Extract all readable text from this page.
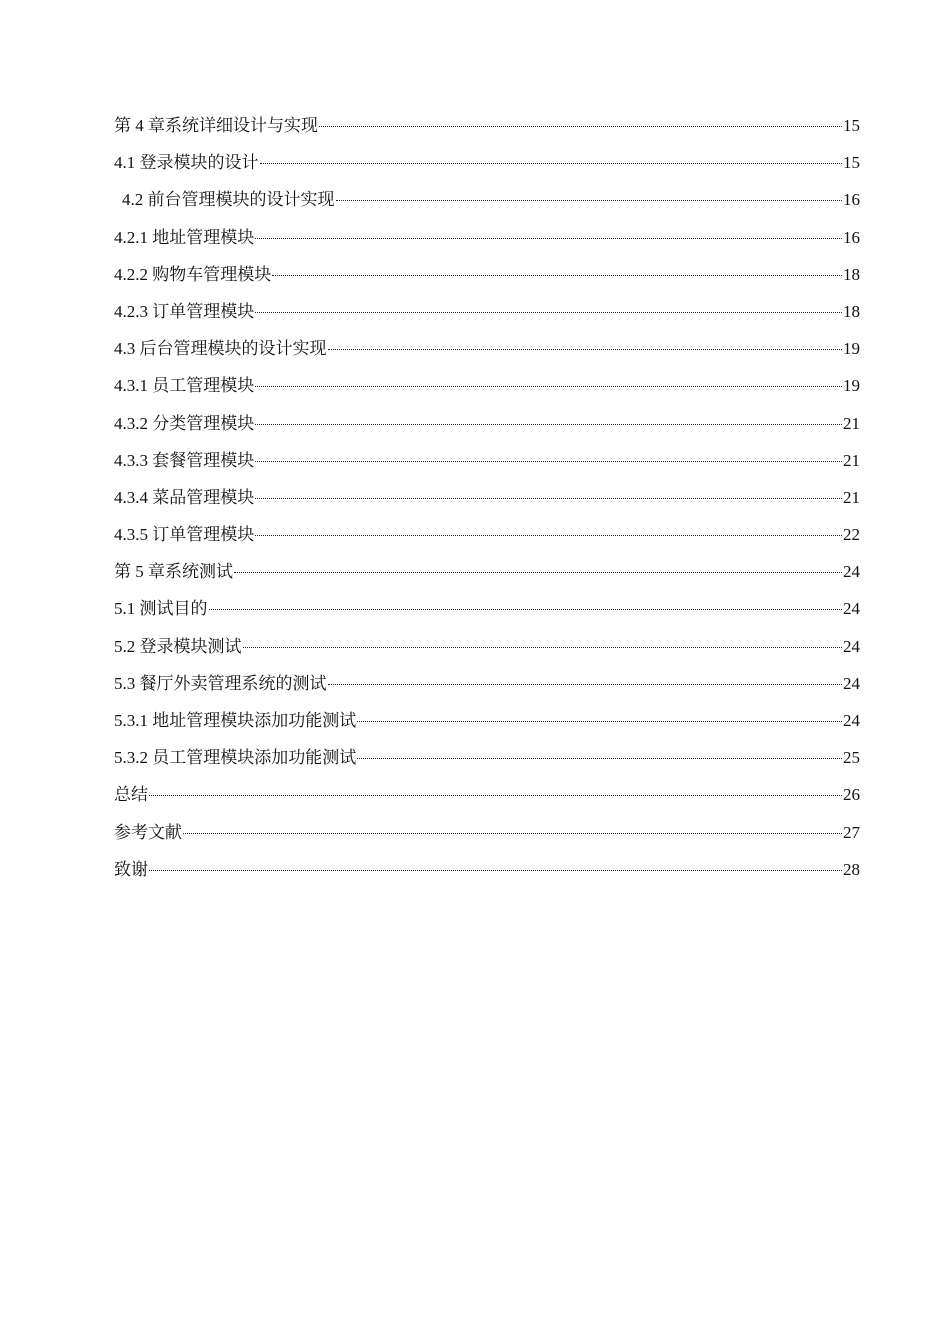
第 4 章系统详细设计与实现	15
4.1 登录模块的设计	15
4.2 前台管理模块的设计实现	16
4.2.1 地址管理模块	16
4.2.2 购物车管理模块	18
4.2.3 订单管理模块	18
4.3 后台管理模块的设计实现	19
4.3.1 员工管理模块	19
4.3.2 分类管理模块	21
4.3.3 套餐管理模块	21
4.3.4 菜品管理模块	21
4.3.5 订单管理模块	22
第 5 章系统测试	24
5.1 测试目的	24
5.2 登录模块测试	24
5.3 餐厅外卖管理系统的测试	24
5.3.1 地址管理模块添加功能测试	24
5.3.2 员工管理模块添加功能测试	25
总结	26
参考文献	27
致谢	28
